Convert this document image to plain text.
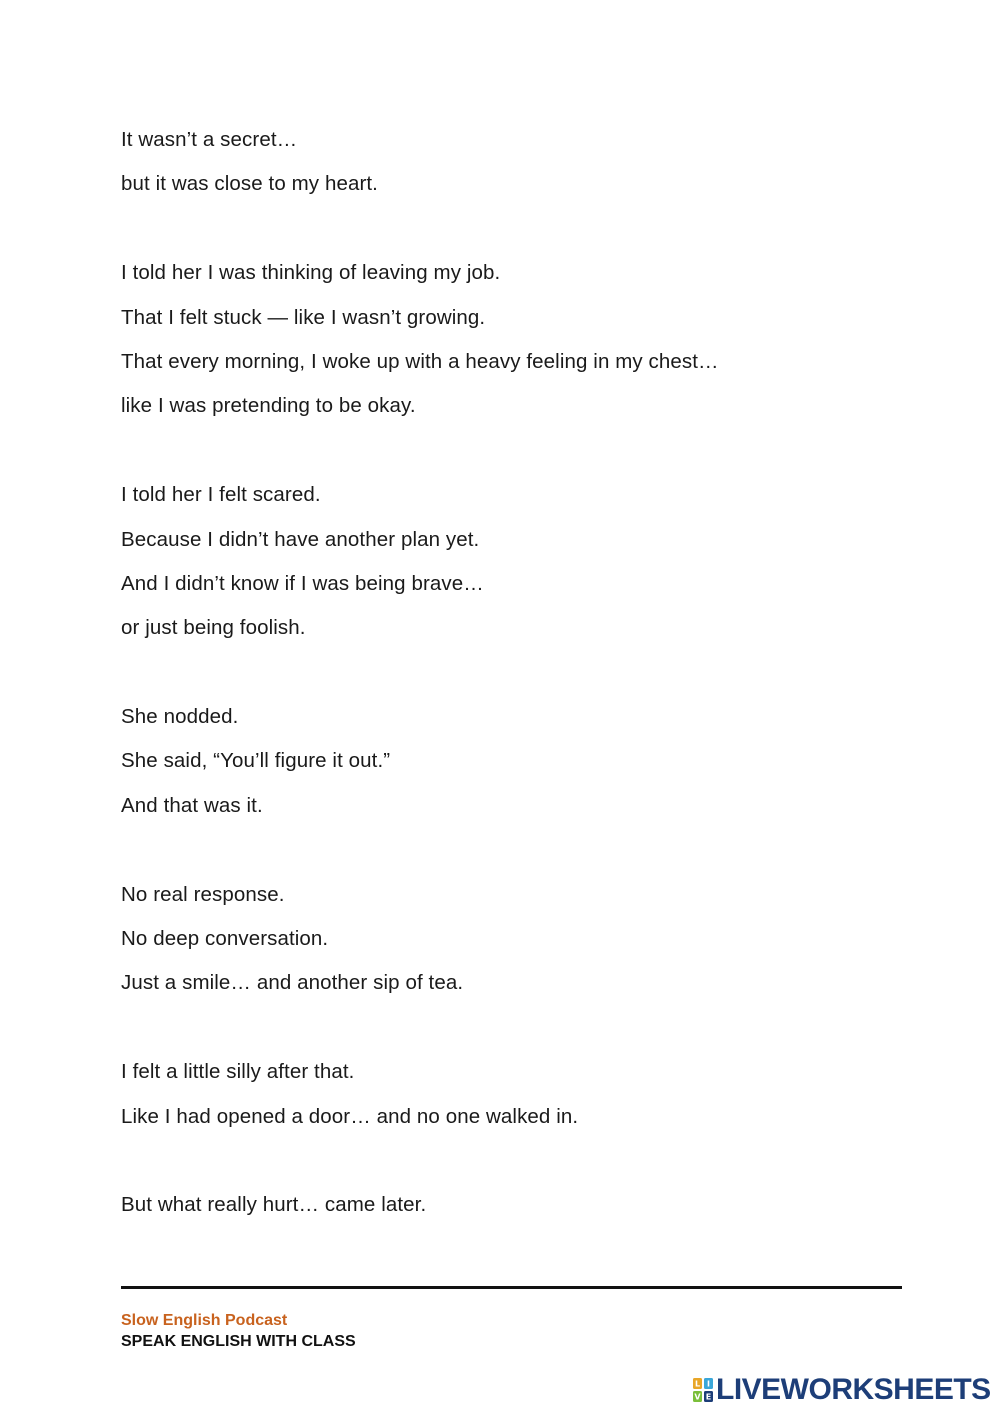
It wasn’t a secret…
but it was close to my heart.
I told her I was thinking of leaving my job.
That I felt stuck — like I wasn’t growing.
That every morning, I woke up with a heavy feeling in my chest…
like I was pretending to be okay.
I told her I felt scared.
Because I didn’t have another plan yet.
And I didn’t know if I was being brave…
or just being foolish.
She nodded.
She said, “You’ll figure it out.”
And that was it.
No real response.
No deep conversation.
Just a smile… and another sip of tea.
I felt a little silly after that.
Like I had opened a door… and no one walked in.
But what really hurt… came later.
Slow English Podcast
SPEAK ENGLISH WITH CLASS
L I
V E LIVEWORKSHEETS
